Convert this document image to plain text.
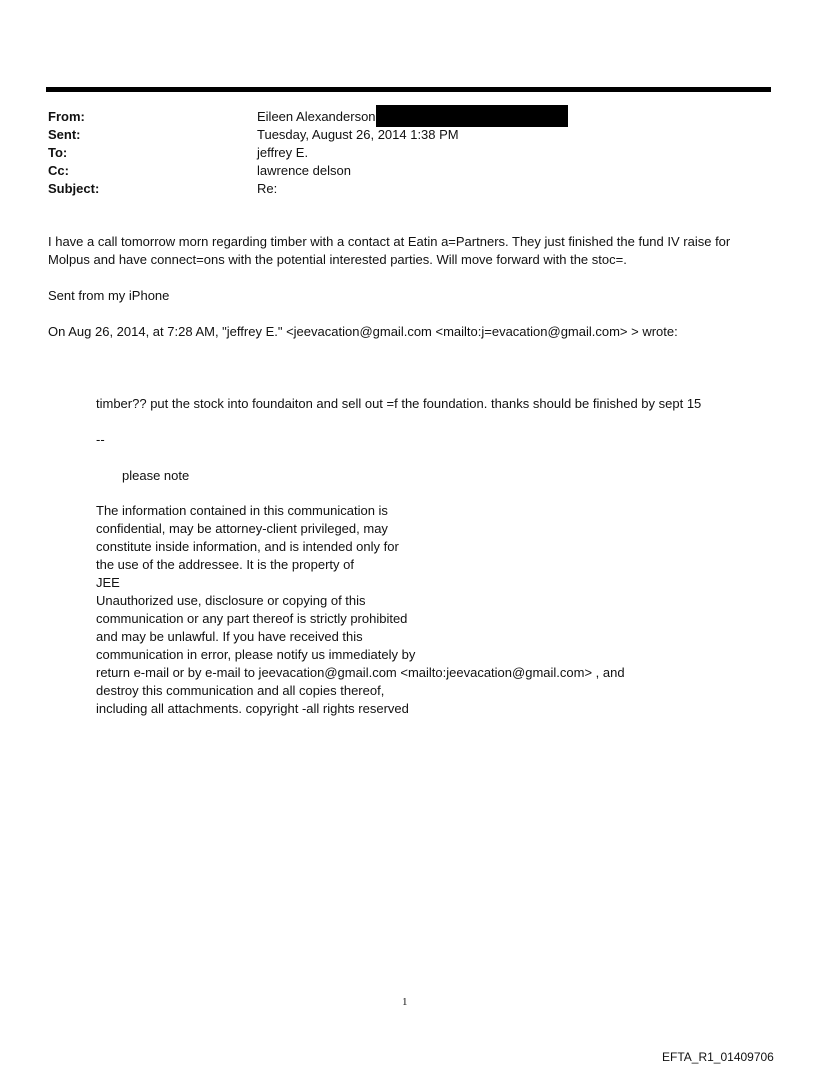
From:	Eileen Alexanderson
Sent:	Tuesday, August 26, 2014 1:38 PM
To:	jeffrey E.
Cc:	lawrence delson
Subject:	Re:
I have a call tomorrow morn regarding timber with a contact at Eatin a=Partners. They just finished the fund IV raise for
Molpus and have connect=ons with the potential interested parties. Will move forward with the stoc=.
Sent from my iPhone
On Aug 26, 2014, at 7:28 AM, "jeffrey E." <jeevacation@gmail.com <mailto:j=evacation@gmail.com> > wrote:
timber?? put the stock into foundaiton and sell out =f the foundation. thanks should be finished by sept 15
--
please note
The information contained in this communication is
confidential, may be attorney-client privileged, may
constitute inside information, and is intended only for
the use of the addressee. It is the property of
JEE
Unauthorized use, disclosure or copying of this
communication or any part thereof is strictly prohibited
and may be unlawful. If you have received this
communication in error, please notify us immediately by
return e-mail or by e-mail to jeevacation@gmail.com <mailto:jeevacation@gmail.com> , and
destroy this communication and all copies thereof,
including all attachments. copyright -all rights reserved
1
EFTA_R1_01409706
